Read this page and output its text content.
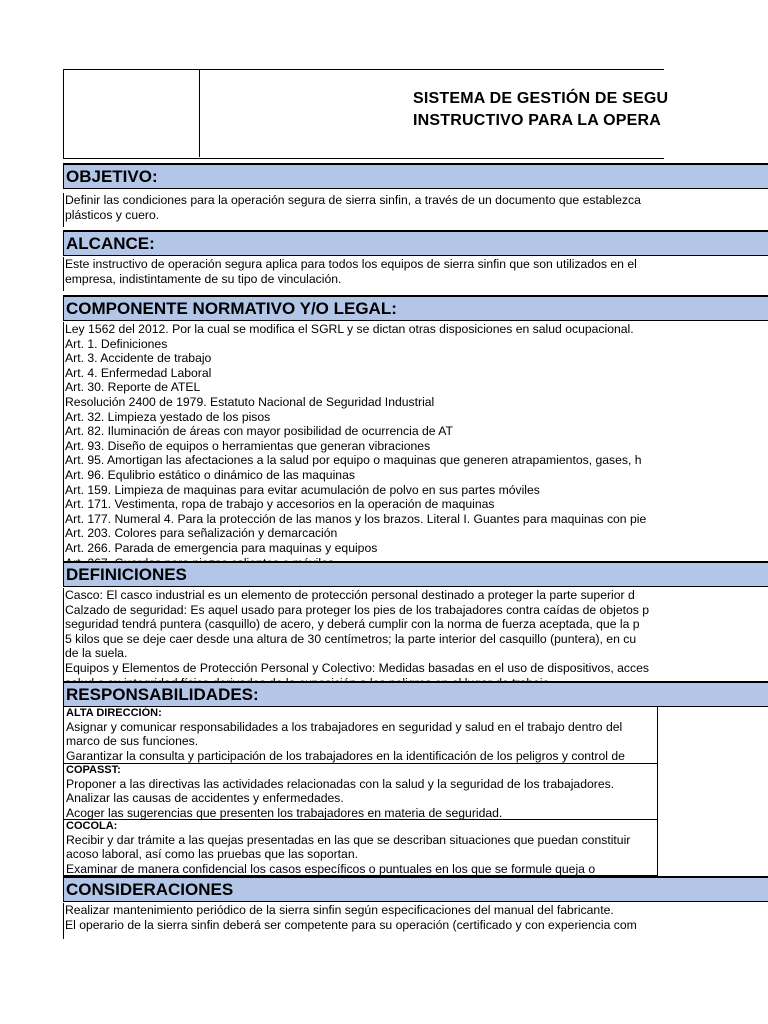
SISTEMA DE GESTIÓN DE SEGU
INSTRUCTIVO PARA LA OPERA
OBJETIVO:
Definir las condiciones para la operación segura de sierra sinfin, a través de un documento que establezca plásticos y cuero.
ALCANCE:
Este instructivo de operación segura aplica para todos los equipos de sierra sinfin que son utilizados en el empresa, indistintamente de su tipo de vinculación.
COMPONENTE NORMATIVO Y/O LEGAL:
Ley 1562 del 2012. Por la cual se modifica el SGRL y se dictan otras disposiciones en salud ocupacional.
Art. 1. Definiciones
Art. 3. Accidente de trabajo
Art. 4. Enfermedad Laboral
Art. 30. Reporte de ATEL
Resolución 2400 de 1979. Estatuto Nacional de Seguridad Industrial
Art. 32. Limpieza yestado de los pisos
Art. 82. Iluminación de áreas con mayor posibilidad de ocurrencia de AT
Art. 93. Diseño de equipos o herramientas que generan vibraciones
Art. 95. Amortigan las afectaciones a la salud por equipo o maquinas que generen atrapamientos, gases, h
Art. 96. Equlibrio estático o dinámico de las maquinas
Art. 159. Limpieza de maquinas para evitar acumulación de polvo en sus partes móviles
Art. 171. Vestimenta, ropa de trabajo y accesorios en la operación de maquinas
Art. 177. Numeral 4. Para la protección de las manos y los brazos. Literal I. Guantes para maquinas con pie
Art. 203. Colores para señalización y demarcación
Art. 266. Parada de emergencia para maquinas y equipos
DEFINICIONES
Casco: El casco industrial es un elemento de protección personal destinado a proteger la parte superior d
Calzado de seguridad: Es aquel usado para proteger los pies de los trabajadores contra caídas de objetos p
seguridad tendrá puntera (casquillo) de acero, y deberá cumplir con la norma de fuerza aceptada, que la p
5 kilos que se deje caer desde una altura de 30 centímetros; la parte interior del casquillo (puntera), en cu
de la suela.
Equipos y Elementos de Protección Personal y Colectivo: Medidas basadas en el uso de dispositivos, acces
RESPONSABILIDADES:
ALTA DIRECCIÓN:
Asignar y comunicar responsabilidades a los trabajadores en seguridad y salud en el trabajo dentro del
marco de sus funciones.
Garantizar la consulta y participación de los trabajadores en la identificación de los peligros y control de
COPASST:
Proponer a las directivas las actividades relacionadas con la salud y la seguridad de los trabajadores.
Analizar las causas de accidentes y enfermedades.
Acoger las sugerencias que presenten los trabajadores en materia de seguridad.
COCOLA:
Recibir y dar trámite a las quejas presentadas en las que se describan situaciones que puedan constituir
acoso laboral, así como las pruebas que las soportan.
Examinar de manera confidencial los casos específicos o puntuales en los que se formule queja o
CONSIDERACIONES
Realizar mantenimiento periódico de la sierra sinfin según especificaciones del manual del fabricante.
El operario de la sierra sinfin deberá ser competente para su operación (certificado y con experiencia com
